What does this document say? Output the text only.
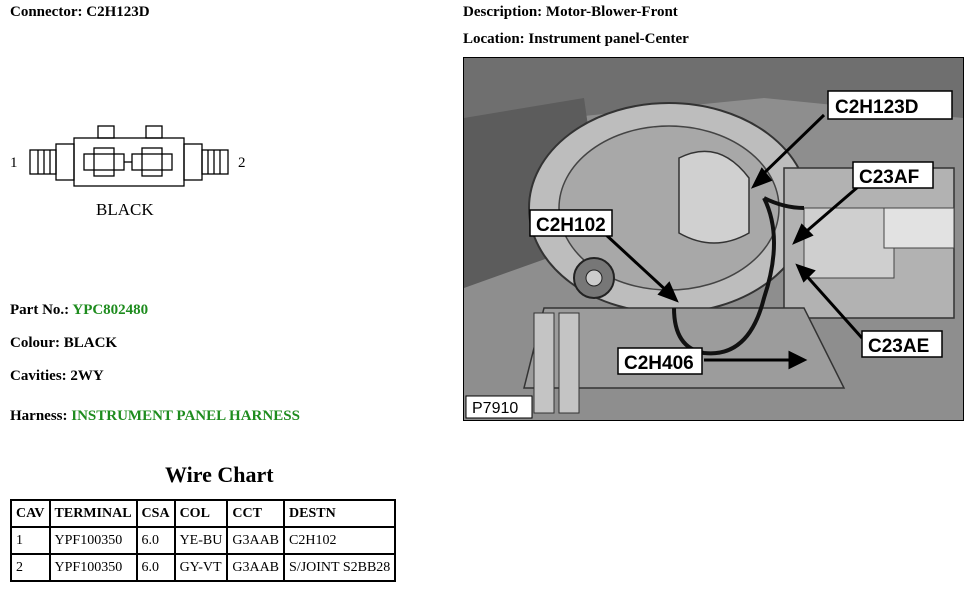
Connector: C2H123D	Description: Motor-Blower-Front
Location: Instrument panel-Center
1	2
BLACK
Part No.: YPC802480
Colour: BLACK
Cavities: 2WY
Harness: INSTRUMENT PANEL HARNESS
Wire Chart
CAV	TERMINAL	CSA	COL	CCT	DESTN
1	YPF100350	6.0	YE-BU	G3AAB	C2H102
2	YPF100350	6.0	GY-VT	G3AAB	S/JOINT S2BB28
C2H123D
C23AF
C2H102
C23AE
C2H406
P7910
